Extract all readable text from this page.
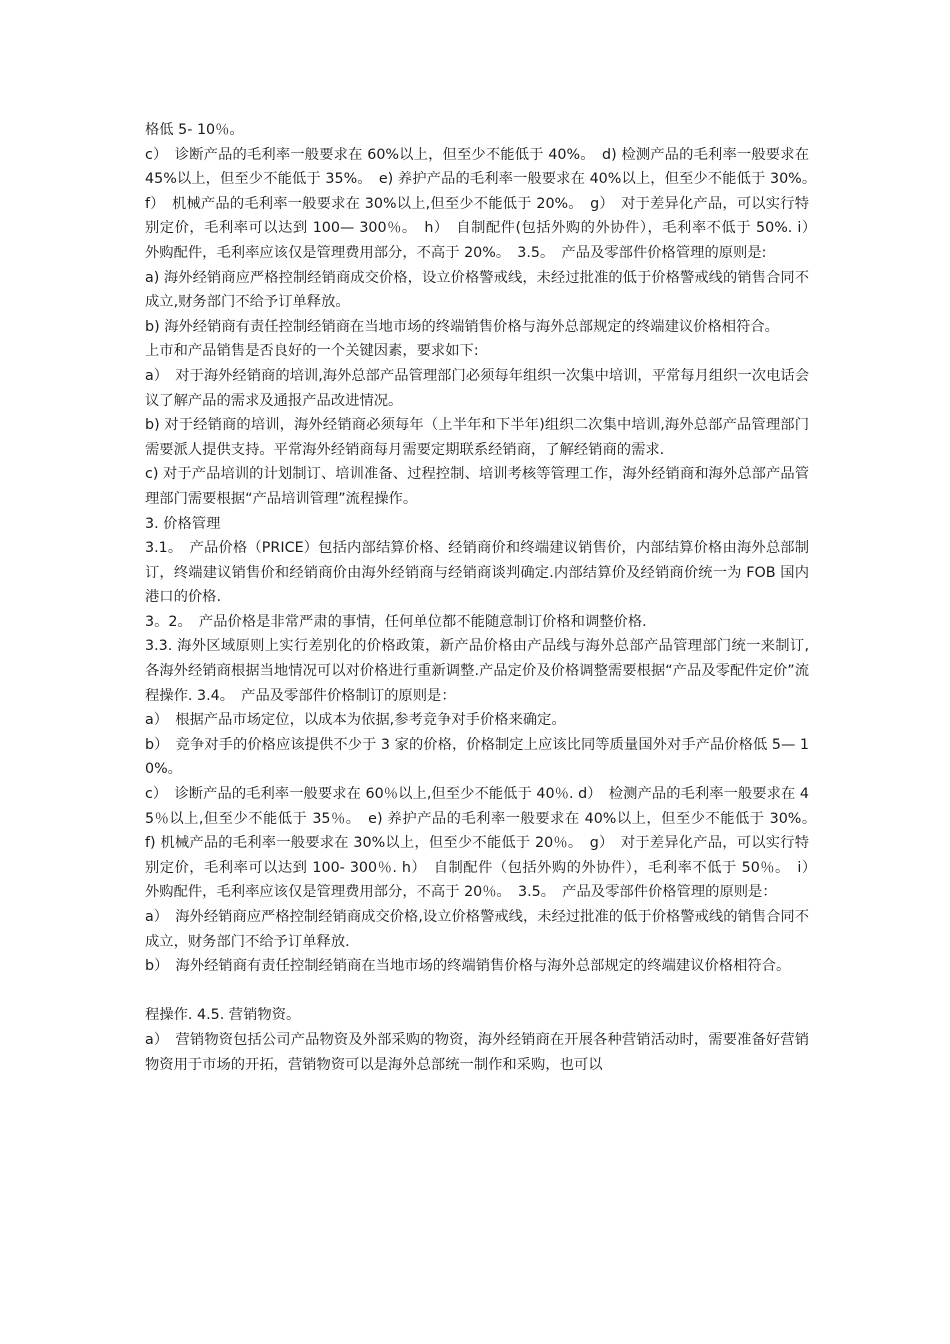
格低 5- 10％。

c）　诊断产品的毛利率一般要求在 60%以上，但至少不能低于 40%。　d) 检测产品的毛利率一般要求在 45%以上，但至少不能低于 35%。　e) 养护产品的毛利率一般要求在 40%以上，但至少不能低于 30%。　f）　机械产品的毛利率一般要求在 30%以上,但至少不能低于 20%。　g）　对于差异化产品，可以实行特别定价，毛利率可以达到 100— 300％。　h）　自制配件(包括外购的外协件），毛利率不低于 50%. i）　外购配件，毛利率应该仅是管理费用部分，不高于 20%。　3.5。　产品及零部件价格管理的原则是:

a) 海外经销商应严格控制经销商成交价格，设立价格警戒线，未经过批准的低于价格警戒线的销售合同不成立,财务部门不给予订单释放。

b) 海外经销商有责任控制经销商在当地市场的终端销售价格与海外总部规定的终端建议价格相符合。

上市和产品销售是否良好的一个关键因素，要求如下:

a）　对于海外经销商的培训,海外总部产品管理部门必须每年组织一次集中培训，平常每月组织一次电话会议了解产品的需求及通报产品改进情况。

b) 对于经销商的培训，海外经销商必须每年（上半年和下半年)组织二次集中培训,海外总部产品管理部门需要派人提供支持。平常海外经销商每月需要定期联系经销商，了解经销商的需求.

c) 对于产品培训的计划制订、培训准备、过程控制、培训考核等管理工作，海外经销商和海外总部产品管理部门需要根据“产品培训管理”流程操作。

3. 价格管理

3.1。　产品价格（PRICE）包括内部结算价格、经销商价和终端建议销售价，内部结算价格由海外总部制订，终端建议销售价和经销商价由海外经销商与经销商谈判确定.内部结算价及经销商价统一为 FOB 国内港口的价格.

3。2。　产品价格是非常严肃的事情，任何单位都不能随意制订价格和调整价格.

3.3. 海外区域原则上实行差别化的价格政策，新产品价格由产品线与海外总部产品管理部门统一来制订,各海外经销商根据当地情况可以对价格进行重新调整.产品定价及价格调整需要根据“产品及零配件定价”流程操作. 3.4。　产品及零部件价格制订的原则是：

a）　根据产品市场定位，以成本为依据,参考竞争对手价格来确定。

b）　竞争对手的价格应该提供不少于 3 家的价格，价格制定上应该比同等质量国外对手产品价格低 5— 10%。

c）　诊断产品的毛利率一般要求在 60％以上,但至少不能低于 40％. d）　检测产品的毛利率一般要求在 45％以上,但至少不能低于 35％。　e) 养护产品的毛利率一般要求在 40%以上，但至少不能低于 30%。　f) 机械产品的毛利率一般要求在 30%以上，但至少不能低于 20％。　g）　对于差异化产品，可以实行特别定价，毛利率可以达到 100- 300％. h）　自制配件（包括外购的外协件），毛利率不低于 50％。　i）　外购配件，毛利率应该仅是管理费用部分，不高于 20％。　3.5。　产品及零部件价格管理的原则是：

a）　海外经销商应严格控制经销商成交价格,设立价格警戒线，未经过批准的低于价格警戒线的销售合同不成立，财务部门不给予订单释放.

b）　海外经销商有责任控制经销商在当地市场的终端销售价格与海外总部规定的终端建议价格相符合。

程操作. 4.5. 营销物资。

a）　营销物资包括公司产品物资及外部采购的物资，海外经销商在开展各种营销活动时，需要准备好营销物资用于市场的开拓，营销物资可以是海外总部统一制作和采购，也可以
